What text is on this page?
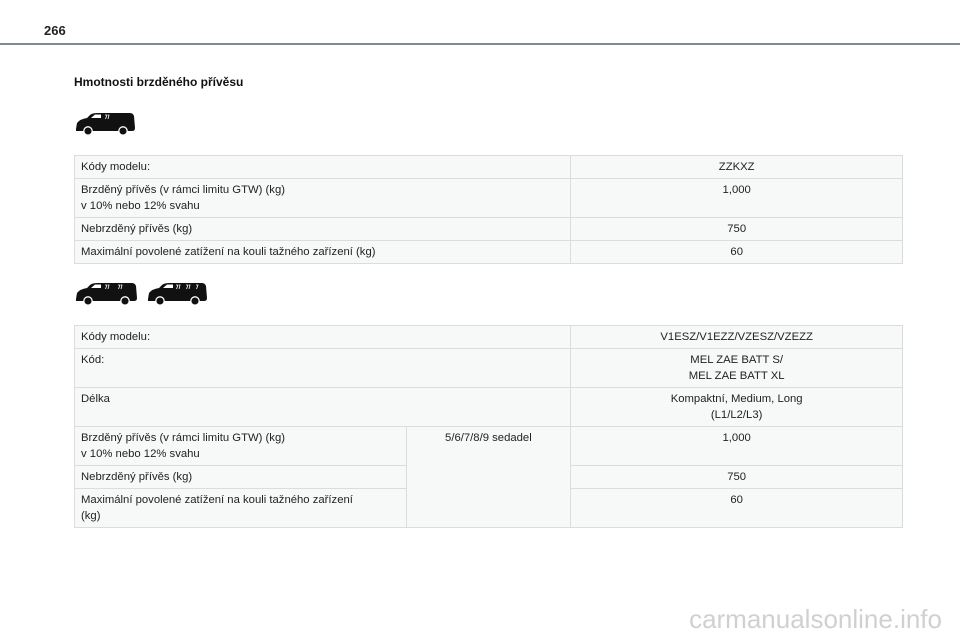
266
Hmotnosti brzděného přívěsu
Kódy modelu:	ZZKXZ

Brzděný přívěs (v rámci limitu GTW) (kg)
v 10% nebo 12% svahu	1,000

Nebrzděný přívěs (kg)	750

Maximální povolené zatížení na kouli tažného zařízení (kg)	60
Kódy modelu:		V1ESZ/V1EZZ/VZESZ/VZEZZ

Kód:		MEL ZAE BATT S/
MEL ZAE BATT XL

Délka		Kompaktní, Medium, Long
(L1/L2/L3)

Brzděný přívěs (v rámci limitu GTW) (kg)
v 10% nebo 12% svahu	5/6/7/8/9 sedadel	1,000

Nebrzděný přívěs (kg)		750

Maximální povolené zatížení na kouli tažného zařízení
(kg)		60
carmanualsonline.info
